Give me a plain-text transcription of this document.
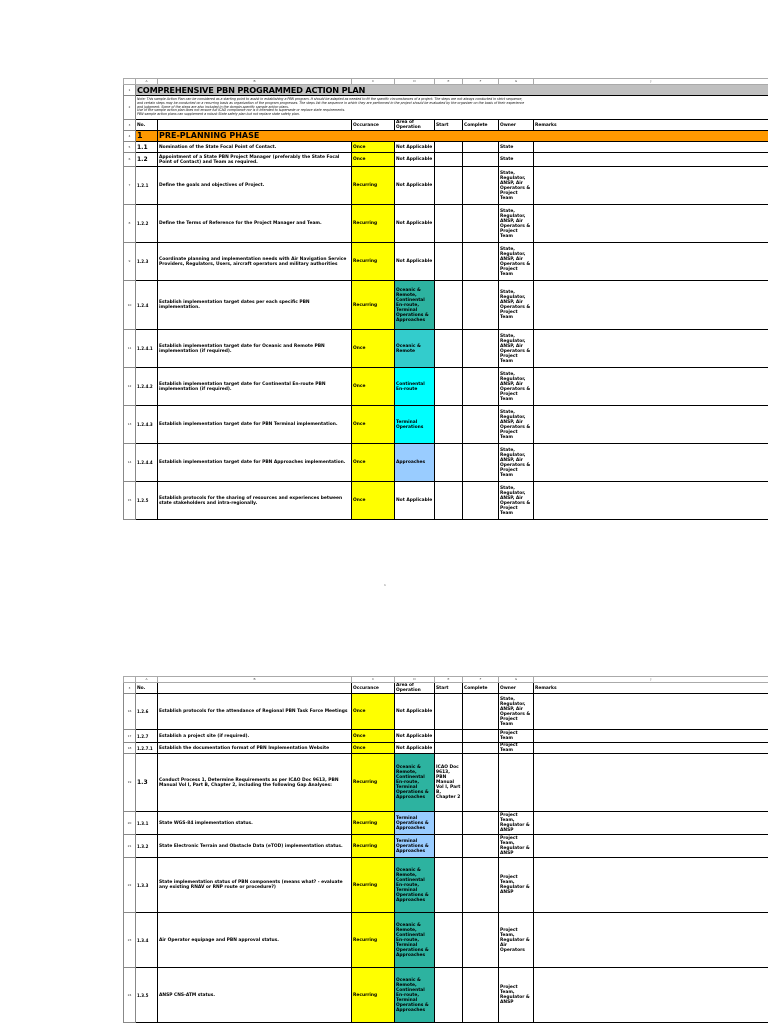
	A	B	C	D	E	F	G	J
1	COMPREHENSIVE PBN PROGRAMMED ACTION PLAN							
2	Note: This sample Action Plan can be considered as a starting point to assist in establishing a PBN program. It should be adapted as needed to fit the specific circumstances of a project. The steps are not always conducted in strict sequence,
and certain steps may be conducted on a recurring basis as organization of the program progresses. The steps list the sequence in which they are performed in the project should be evaluated by the organizer on the basis of their experience
and judgment. Some of the steps are also included in the domain-specific sample action plans.
Use of the sample action plan does not ensure full ICAO compliance nor is it intended to supersede or replace state requirements.
PBN sample action plans can supplement a robust State safety plan but not replace state safety plan.							

3	No.		Occurance	Area of Operation	Start	Complete	Owner	Remarks
4	1	PRE-PLANNING PHASE						
5	1.1	Nomination of the State Focal Point of Contact.	Once	Not Applicable			State	
6	1.2	Appointment of a State PBN Project Manager (preferably the State Focal Point of Contact) and Team as required.	Once	Not Applicable			State	
7	1.2.1	Define the goals and objectives of Project.	Recurring	Not Applicable			State, Regulator, ANSP, Air Operators & Project Team	
8	1.2.2	Define the Terms of Reference for the Project Manager and Team.	Recurring	Not Applicable			State, Regulator, ANSP, Air Operators & Project Team	
9	1.2.3	Coordinate planning and implementation needs with Air Navigation Service Providers, Regulators, Users, aircraft operators and military authorities	Recurring	Not Applicable			State, Regulator, ANSP, Air Operators & Project Team	
10	1.2.4	Establish implementation target dates per each specific PBN implementation.	Recurring	Oceanic & Remote, Continental En-route, Terminal Operations & Approaches			State, Regulator, ANSP, Air Operators & Project Team	
11	1.2.4.1	Establish implementation target date for Oceanic and Remote PBN implementation (if required).	Once	Oceanic & Remote			State, Regulator, ANSP, Air Operators & Project Team	
12	1.2.4.2	Establish implementation target date for Continental En-route PBN implementation (if required).	Once	Continental En-route			State, Regulator, ANSP, Air Operators & Project Team	
13	1.2.4.3	Establish implementation target date for PBN Terminal implementation.	Once	Terminal Operations			State, Regulator, ANSP, Air Operators & Project Team	
14	1.2.4.4	Establish implementation target date for PBN Approaches implementation.	Once	Approaches			State, Regulator, ANSP, Air Operators & Project Team	
15	1.2.5	Establish protocols for the sharing of resources and experiences between state stakeholders and intra-regionally.	Once	Not Applicable			State, Regulator, ANSP, Air Operators & Project Team	
1
	A	B	C	D	E	F	G	J
3	No.		Occurance	Area of Operation	Start	Complete	Owner	Remarks
16	1.2.6	Establish protocols for the attendance of Regional PBN Task Force Meetings	Once	Not Applicable			State, Regulator, ANSP, Air Operators & Project Team	
17	1.2.7	Establish a project site (if required).	Once	Not Applicable			Project Team	
18	1.2.7.1	Establish the documentation format of PBN Implementation Website	Once	Not Applicable			Project Team	
19	1.3	Conduct Process 1, Determine Requirements as per ICAO Doc 9613, PBN Manual Vol I, Part B, Chapter 2, including the following Gap Analyses:	Recurring	Oceanic & Remote, Continental En-route, Terminal Operations & Approaches	ICAO Doc 9613, PBN Manual Vol I, Part B, Chapter 2			
20	1.3.1	State WGS-84 implementation status.	Recurring	Terminal Operations & Approaches			Project Team, Regulator & ANSP	
21	1.3.2	State Electronic Terrain and Obstacle Data (eTOD) implementation status.	Recurring	Terminal Operations & Approaches			Project Team, Regulator & ANSP	
22	1.3.3	State implementation status of PBN components (means what? - evaluate any existing RNAV or RNP route or procedure?)	Recurring	Oceanic & Remote, Continental En-route, Terminal Operations & Approaches			Project Team, Regulator & ANSP	
23	1.3.4	Air Operator equipage and PBN approval status.	Recurring	Oceanic & Remote, Continental En-route, Terminal Operations & Approaches			Project Team, Regulator & Air Operators	
24	1.3.5	ANSP CNS-ATM status.	Recurring	Oceanic & Remote, Continental En-route, Terminal Operations & Approaches			Project Team, Regulator & ANSP	
